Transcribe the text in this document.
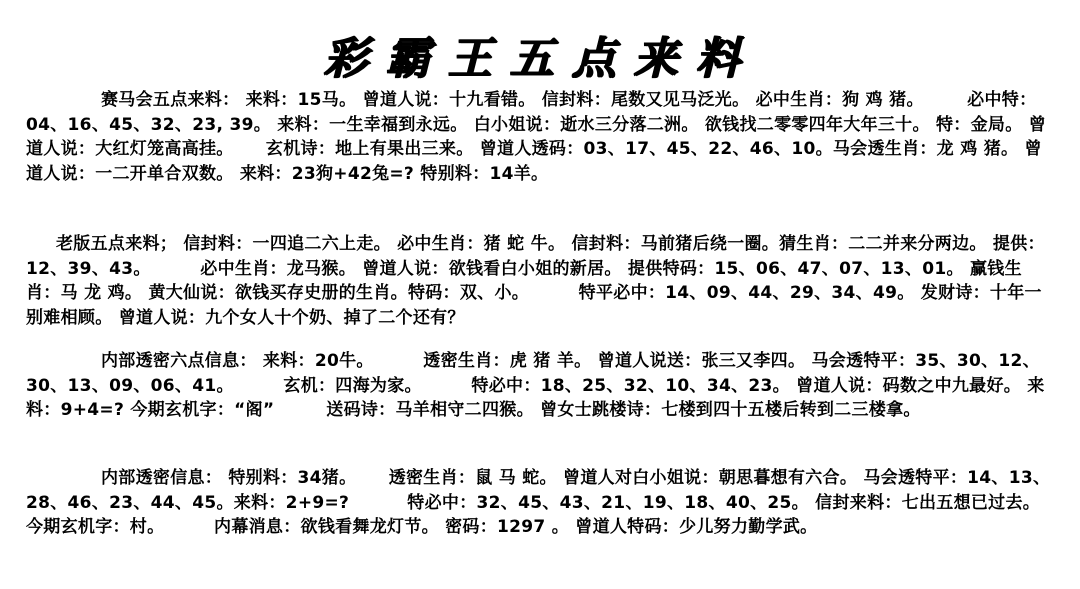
彩霸王五点来料
赛马会五点来料： 来料：15马。 曾道人说：十九看错。 信封料：尾数又见马泛光。 必中生肖：狗 鸡 猪。　　　必中特：04、16、45、32、23, 39。 来料：一生幸福到永远。 白小姐说：逝水三分落二洲。 欲钱找二零零四年大年三十。 特：金局。 曾道人说：大红灯笼高高挂。　　 玄机诗：地上有果出三来。 曾道人透码：03、17、45、22、46、10。马会透生肖：龙 鸡 猪。 曾道人说：一二开单合双数。 来料：23狗+42兔=? 特别料：14羊。
老版五点来料； 信封料：一四追二六上走。 必中生肖：猪 蛇 牛。 信封料：马前猪后绕一圈。猜生肖：二二并来分两边。 提供：12、39、43。　　　 必中生肖：龙马猴。 曾道人说：欲钱看白小姐的新居。 提供特码：15、06、47、07、13、01。 赢钱生肖：马 龙 鸡。 黄大仙说：欲钱买存史册的生肖。特码：双、小。　　　 特平必中：14、09、44、29、34、49。 发财诗：十年一别难相顾。 曾道人说：九个女人十个奶、掉了二个还有？
内部透密六点信息： 来料：20牛。　　　 透密生肖：虎 猪 羊。 曾道人说送：张三又李四。 马会透特平：35、30、12、30、13、09、06、41。　　　 玄机：四海为家。　　　 特必中：18、25、32、10、34、23。 曾道人说：码数之中九最好。 来料：9+4=? 今期玄机字：“阁”　　　送码诗：马羊相守二四猴。 曾女士跳楼诗：七楼到四十五楼后转到二三楼拿。
内部透密信息： 特别料：34猪。　　 透密生肖：鼠 马 蛇。 曾道人对白小姐说：朝思暮想有六合。 马会透特平：14、13、28、46、23、44、45。来料：2+9=?　　　 特必中：32、45、43、21、19、18、40、25。 信封来料：七出五想已过去。 今期玄机字：村。　　　 内幕消息：欲钱看舞龙灯节。 密码：1297 。 曾道人特码：少儿努力勤学武。
